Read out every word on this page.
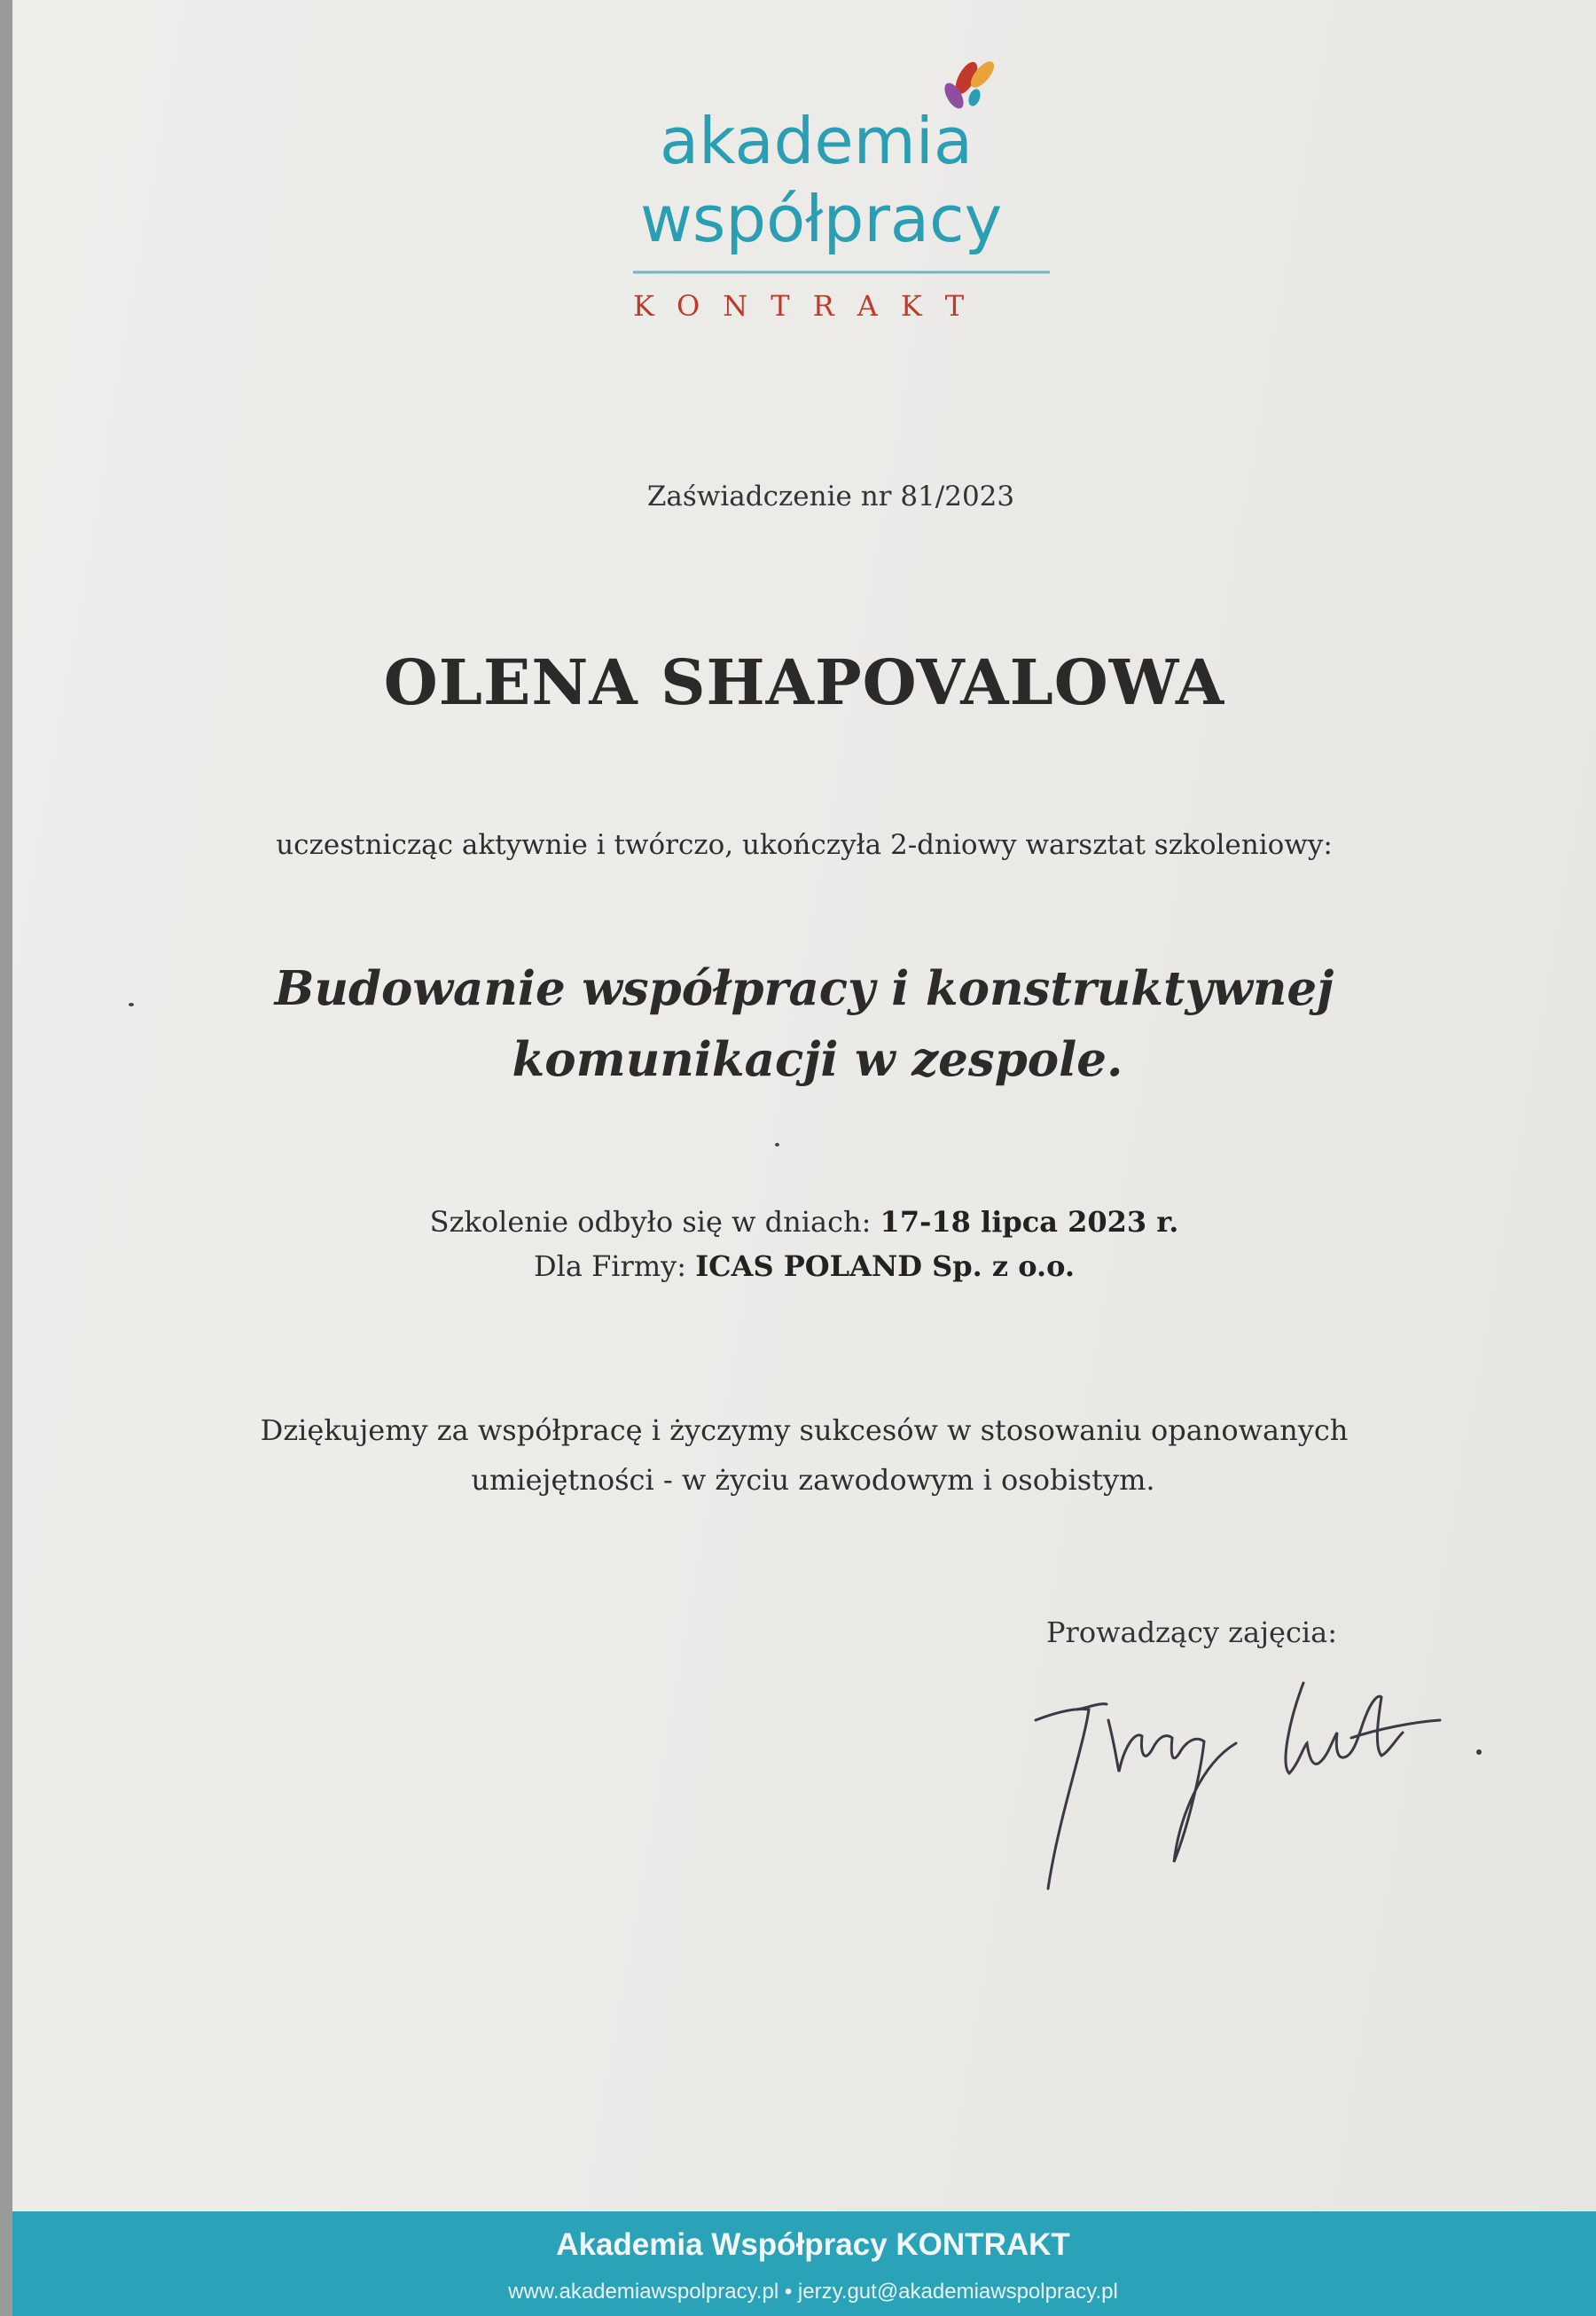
akademia
współpracy
KONTRAKT
Zaświadczenie nr 81/2023
OLENA SHAPOVALOWA
uczestnicząc aktywnie i twórczo, ukończyła 2-dniowy warsztat szkoleniowy:
Budowanie współpracy i konstruktywnej
komunikacji w zespole.
Szkolenie odbyło się w dniach: 17-18 lipca 2023 r.
Dla Firmy: ICAS POLAND Sp. z o.o.
Dziękujemy za współpracę i życzymy sukcesów w stosowaniu opanowanych
umiejętności - w życiu zawodowym i osobistym.
Prowadzący zajęcia:
Akademia Współpracy KONTRAKT
www.akademiawspolpracy.pl • jerzy.gut@akademiawspolpracy.pl
